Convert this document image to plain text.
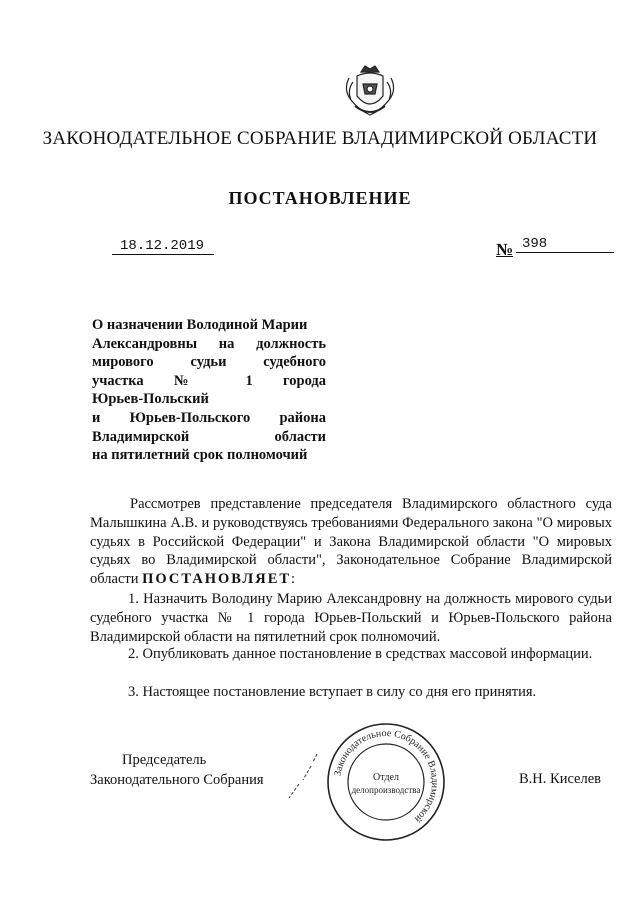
ЗАКОНОДАТЕЛЬНОЕ СОБРАНИЕ ВЛАДИМИРСКОЙ ОБЛАСТИ
ПОСТАНОВЛЕНИЕ
18.12.2019	№ 398
О назначении Володиной Марии
Александровны на должность
мирового судьи судебного
участка № 1 города
Юрьев-Польский
и Юрьев-Польского района
Владимирской области
на пятилетний срок полномочий
Рассмотрев представление председателя Владимирского областного суда Малышкина А.В. и руководствуясь требованиями Федерального закона "О мировых судьях в Российской Федерации" и Закона Владимирской области "О мировых судьях во Владимирской области", Законодательное Собрание Владимирской области ПОСТАНОВЛЯЕТ:
1. Назначить Володину Марию Александровну на должность мирового судьи судебного участка № 1 города Юрьев-Польский и Юрьев-Польского района Владимирской области на пятилетний срок полномочий.
2. Опубликовать данное постановление в средствах массовой информации.
3. Настоящее постановление вступает в силу со дня его принятия.
Председатель
Законодательного Собрания	Законодательное Собрание Владимирской
Отдел
делопроизводства
В.Н. Киселев
